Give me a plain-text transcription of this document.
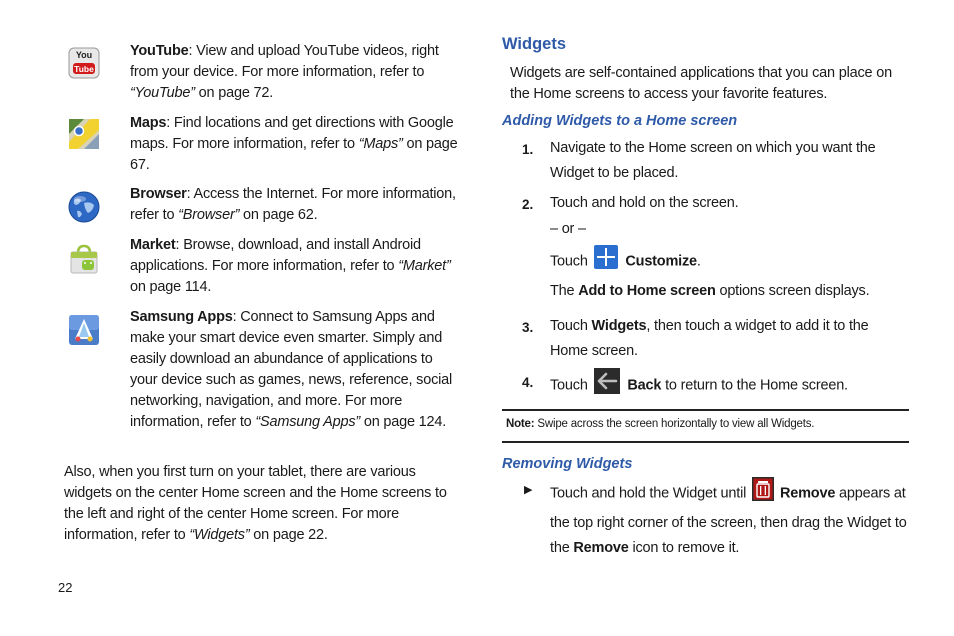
You
Tube
YouTube: View and upload YouTube videos, right from your device. For more information, refer to “YouTube” on page 72.
Maps: Find locations and get directions with Google maps. For more information, refer to “Maps” on page 67.
Browser: Access the Internet. For more information, refer to “Browser” on page 62.
Market: Browse, download, and install Android applications. For more information, refer to “Market” on page 114.
Samsung Apps: Connect to Samsung Apps and make your smart device even smarter. Simply and easily download an abundance of applications to your device such as games, news, reference, social networking, navigation, and more. For more information, refer to “Samsung Apps” on page 124.
Also, when you first turn on your tablet, there are various widgets on the center Home screen and the Home screens to the left and right of the center Home screen. For more information, refer to “Widgets” on page 22.
22
Widgets
Widgets are self-contained applications that you can place on the Home screens to access your favorite features.
Adding Widgets to a Home screen
1. Navigate to the Home screen on which you want the Widget to be placed.
2. Touch and hold on the screen.
– or –
Touch	Customize.
The Add to Home screen options screen displays.
3. Touch Widgets, then touch a widget to add it to the Home screen.
4. Touch	Back to return to the Home screen.
Note: Swipe across the screen horizontally to view all Widgets.
Removing Widgets
▶ Touch and hold the Widget until Remove appears at the top right corner of the screen, then drag the Widget to the Remove icon to remove it.
